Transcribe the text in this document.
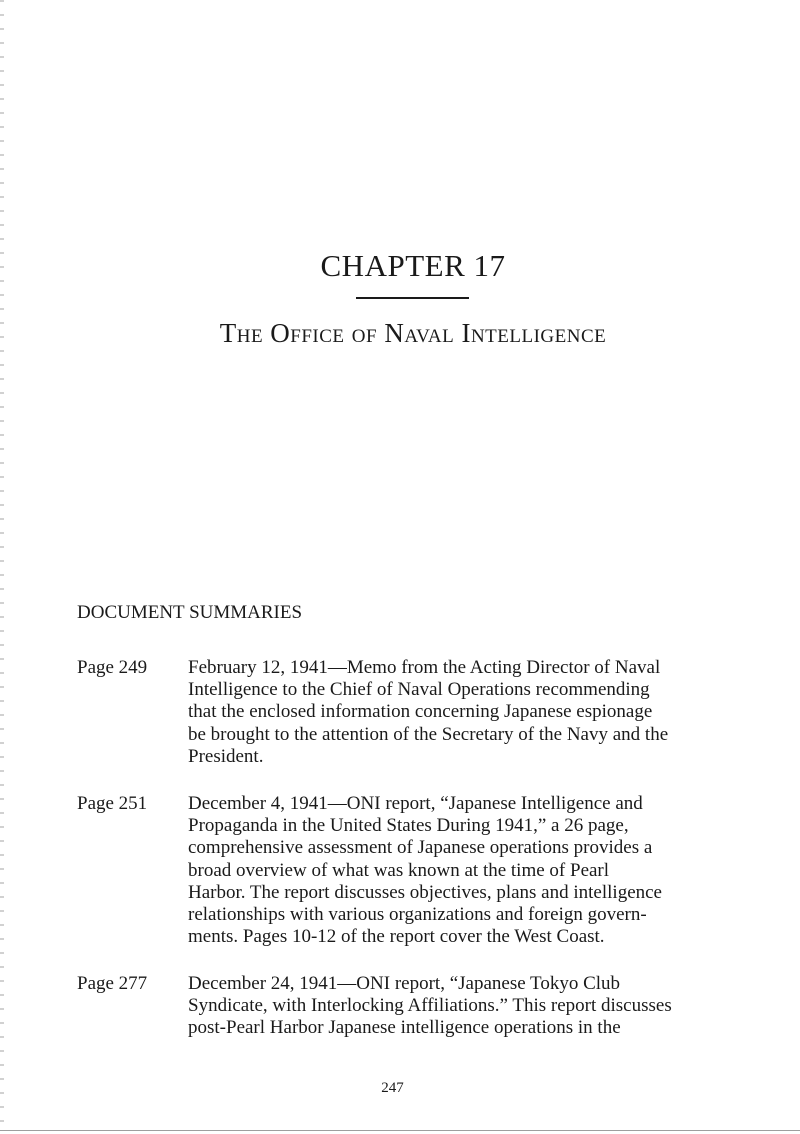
CHAPTER 17
The Office of Naval Intelligence
DOCUMENT SUMMARIES
Page 249 February 12, 1941—Memo from the Acting Director of Naval
Intelligence to the Chief of Naval Operations recommending
that the enclosed information concerning Japanese espionage
be brought to the attention of the Secretary of the Navy and the
President.
Page 251 December 4, 1941—ONI report, “Japanese Intelligence and
Propaganda in the United States During 1941,” a 26 page,
comprehensive assessment of Japanese operations provides a
broad overview of what was known at the time of Pearl
Harbor. The report discusses objectives, plans and intelligence
relationships with various organizations and foreign govern-
ments. Pages 10-12 of the report cover the West Coast.
Page 277 December 24, 1941—ONI report, “Japanese Tokyo Club
Syndicate, with Interlocking Affiliations.” This report discusses
post-Pearl Harbor Japanese intelligence operations in the
247
